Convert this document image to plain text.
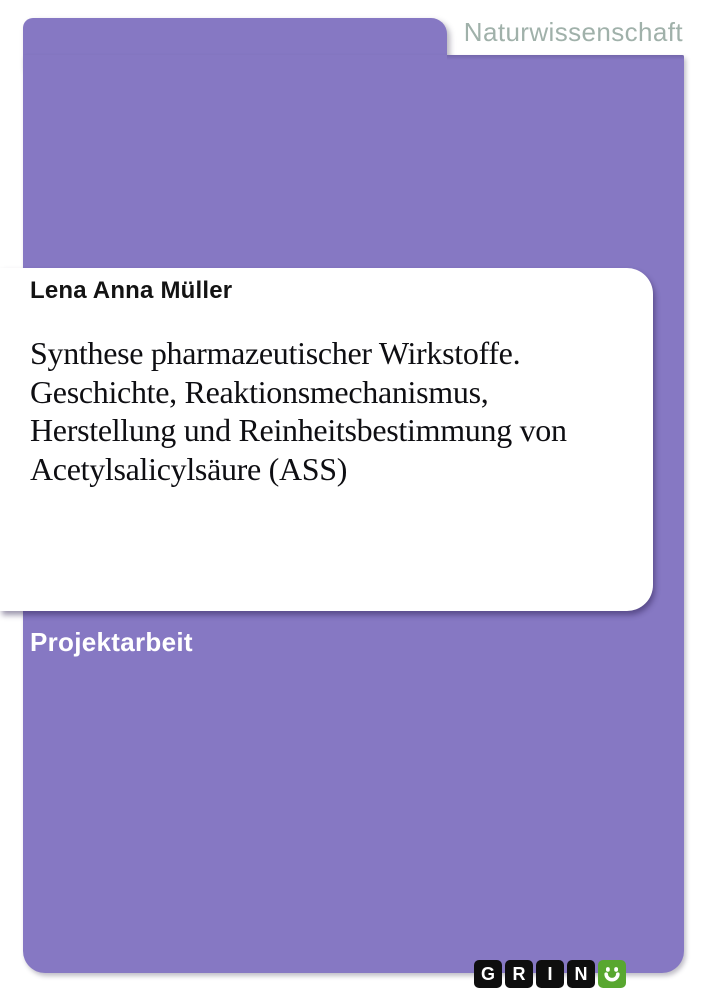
Naturwissenschaft
Lena Anna Müller
Synthese pharmazeutischer Wirkstoffe.
Geschichte, Reaktionsmechanismus,
Herstellung und Reinheitsbestimmung von
Acetylsalicylsäure (ASS)
Projektarbeit
G R	I	N
